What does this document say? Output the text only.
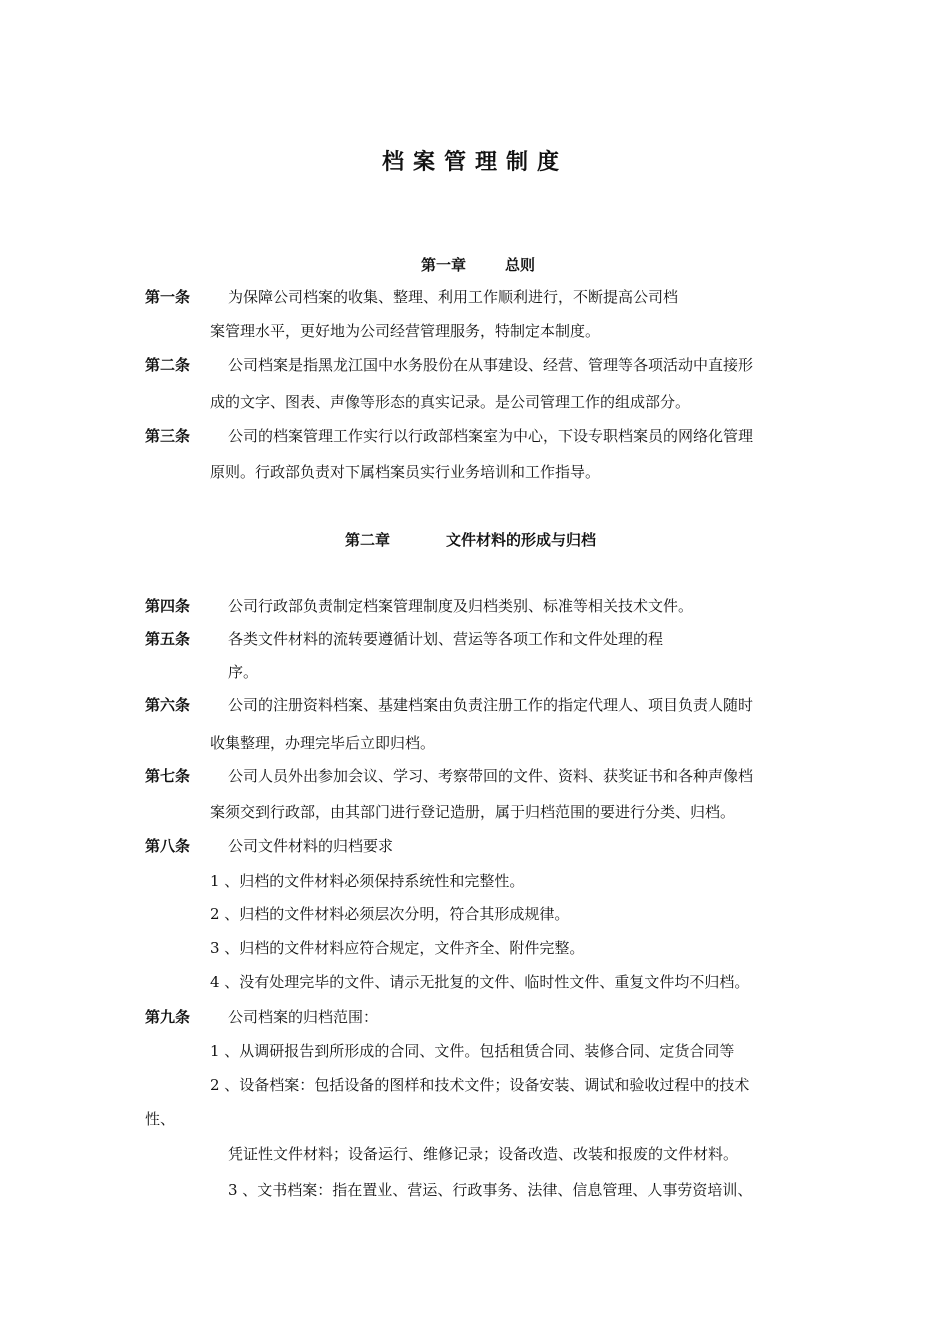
档案管理制度
第一章	总则
第一条	为保障公司档案的收集、整理、利用工作顺利进行，不断提高公司档
案管理水平，更好地为公司经营管理服务，特制定本制度。
第二条	公司档案是指黑龙江国中水务股份在从事建设、经营、管理等各项活动中直接形
成的文字、图表、声像等形态的真实记录。是公司管理工作的组成部分。
第三条	公司的档案管理工作实行以行政部档案室为中心，下设专职档案员的网络化管理
原则。行政部负责对下属档案员实行业务培训和工作指导。
第二章	文件材料的形成与归档
第四条	公司行政部负责制定档案管理制度及归档类别、标准等相关技术文件。
第五条	各类文件材料的流转要遵循计划、营运等各项工作和文件处理的程
序。
第六条	公司的注册资料档案、基建档案由负责注册工作的指定代理人、项目负责人随时
收集整理，办理完毕后立即归档。
第七条	公司人员外出参加会议、学习、考察带回的文件、资料、获奖证书和各种声像档
案须交到行政部，由其部门进行登记造册，属于归档范围的要进行分类、归档。
第八条	公司文件材料的归档要求
1 、归档的文件材料必须保持系统性和完整性。
2 、归档的文件材料必须层次分明，符合其形成规律。
3 、归档的文件材料应符合规定，文件齐全、附件完整。
4 、没有处理完毕的文件、请示无批复的文件、临时性文件、重复文件均不归档。
第九条	公司档案的归档范围：
1 、从调研报告到所形成的合同、文件。包括租赁合同、装修合同、定货合同等
2 、设备档案：包括设备的图样和技术文件；设备安装、调试和验收过程中的技术
性、
凭证性文件材料；设备运行、维修记录；设备改造、改装和报废的文件材料。
3 、文书档案：指在置业、营运、行政事务、法律、信息管理、人事劳资培训、
